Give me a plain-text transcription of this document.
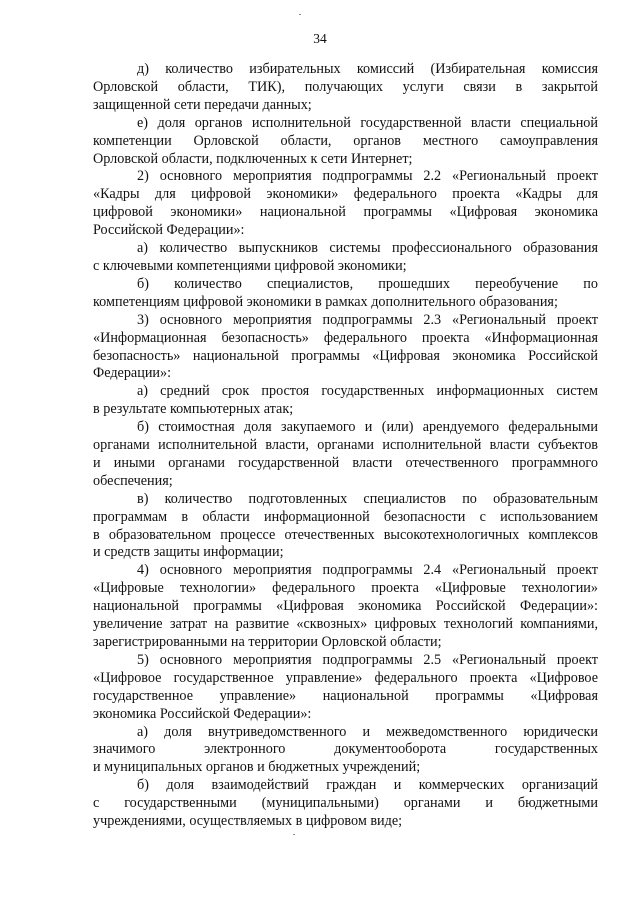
34
д) количество избирательных комиссий (Избирательная комиссия
Орловской области, ТИК), получающих услуги связи в закрытой
защищенной сети передачи данных;
е) доля органов исполнительной государственной власти специальной
компетенции Орловской области, органов местного самоуправления
Орловской области, подключенных к сети Интернет;
2) основного мероприятия подпрограммы 2.2 «Региональный проект
«Кадры для цифровой экономики» федерального проекта «Кадры для
цифровой экономики» национальной программы «Цифровая экономика
Российской Федерации»:
а) количество выпускников системы профессионального образования
с ключевыми компетенциями цифровой экономики;
б) количество специалистов, прошедших переобучение по
компетенциям цифровой экономики в рамках дополнительного образования;
3) основного мероприятия подпрограммы 2.3 «Региональный проект
«Информационная безопасность» федерального проекта «Информационная
безопасность» национальной программы «Цифровая экономика Российской
Федерации»:
а) средний срок простоя государственных информационных систем
в результате компьютерных атак;
б) стоимостная доля закупаемого и (или) арендуемого федеральными
органами исполнительной власти, органами исполнительной власти субъектов
и иными органами государственной власти отечественного программного
обеспечения;
в) количество подготовленных специалистов по образовательным
программам в области информационной безопасности с использованием
в образовательном процессе отечественных высокотехнологичных комплексов
и средств защиты информации;
4) основного мероприятия подпрограммы 2.4 «Региональный проект
«Цифровые технологии» федерального проекта «Цифровые технологии»
национальной программы «Цифровая экономика Российской Федерации»:
увеличение затрат на развитие «сквозных» цифровых технологий компаниями,
зарегистрированными на территории Орловской области;
5) основного мероприятия подпрограммы 2.5 «Региональный проект
«Цифровое государственное управление» федерального проекта «Цифровое
государственное управление» национальной программы «Цифровая
экономика Российской Федерации»:
а) доля внутриведомственного и межведомственного юридически
значимого электронного документооборота государственных
и муниципальных органов и бюджетных учреждений;
б) доля взаимодействий граждан и коммерческих организаций
с государственными (муниципальными) органами и бюджетными
учреждениями, осуществляемых в цифровом виде;
